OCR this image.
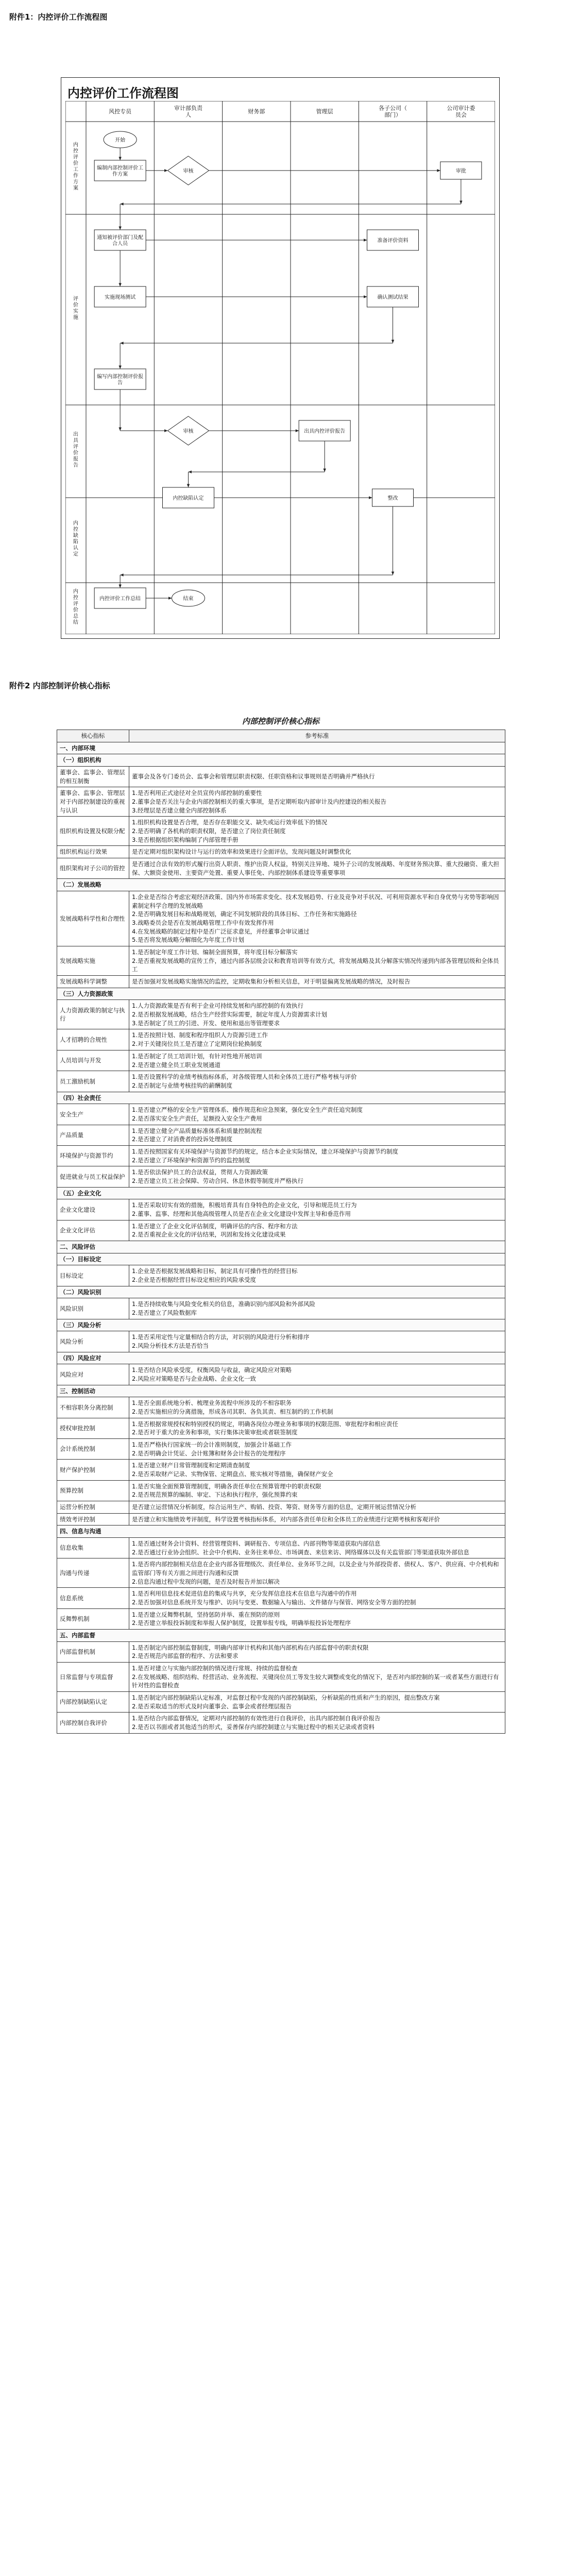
附件1：内控评价工作流程图
内控评价工作流程图
风控专员	审计部负责人	财务部	管理层	各子公司（部门）
公司审计委员会
内控评价工作方案
评价实施
出具评价报告
内控缺陷认定
内控评价总结
开始
编制内部控制评价工作方案
审核	审批
通知被评价部门及配合人员
准备评价资料
实施现场测试	确认测试结果
编写内部控制评价报告
审核	出具内控评价报告
内控缺陷认定	整改
内控评价工作总结	结束
附件2 内部控制评价核心指标
内部控制评价核心指标
核心指标	参考标准
一、内部环境	
（一）组织机构	
董事会、监事会、管理层的相互制衡	董事会及各专门委员会、监事会和管理层职责权限、任职资格和议事规则是否明确并严格执行

董事会、监事会、管理层对于内部控制建设的重视与认识	1.是否利用正式途径对全员宣传内部控制的重要性
2.董事会是否关注与企业内部控制相关的重大事项，是否定期听取内部审计及内控建设的相关报告
3.经理层是否建立健全内部控制体系

组织机构设置及权限分配	1.组织机构设置是否合理，是否存在职能交叉、缺失或运行效率低下的情况
2.是否明确了各机构的职责权限，是否建立了岗位责任制度
3.是否根据组织架构编制了内部管理手册

组织机构运行效果	是否定期对组织架构设计与运行的效率和效果进行全面评估，发现问题及时调整优化

组织架构对子公司的管控	是否通过合法有效的形式履行出资人职责、维护出资人权益，特别关注异地、境外子公司的发展战略、年度财务预决算、重大投融资、重大担保、大额资金使用、主要资产处置、重要人事任免、内部控制体系建设等重要事项

（二）发展战略	
发展战略科学性和合理性	1.企业是否综合考虑宏观经济政策、国内外市场需求变化、技术发展趋势、行业及竞争对手状况、可利用资源水平和自身优势与劣势等影响因素制定科学合理的发展战略
2.是否明确发展目标和战略规划，确定不同发展阶段的具体目标、工作任务和实施路径
3.战略委员会是否在发展战略管理工作中有效发挥作用
4.在发展战略的制定过程中是否广泛征求意见，并经董事会审议通过
5.是否将发展战略分解细化为年度工作计划

发展战略实施	1.是否制定年度工作计划、编制全面预算，将年度目标分解落实
2.是否重视发展战略的宣传工作，通过内部各层级会议和教育培训等有效方式，将发展战略及其分解落实情况传递到内部各管理层级和全体员工

发展战略科学调整	是否加强对发展战略实施情况的监控，定期收集和分析相关信息，对于明显偏离发展战略的情况，及时报告

（三）人力资源政策	
人力资源政策的制定与执行	1.人力资源政策是否有利于企业可持续发展和内部控制的有效执行
2.是否根据发展战略，结合生产经营实际需要，制定年度人力资源需求计划
3.是否制定了员工的引进、开发、使用和退出等管理要求

人才招聘的合规性	1.是否按照计划、制度和程序组织人力资源引进工作
2.对于关键岗位员工是否建立了定期岗位轮换制度

人员培训与开发	1.是否制定了员工培训计划，有针对性地开展培训
2.是否建立健全员工职业发展通道

员工激励机制	1.是否设置科学的业绩考核指标体系，对各级管理人员和全体员工进行严格考核与评价
2.是否制定与业绩考核挂钩的薪酬制度

（四）社会责任	
安全生产	1.是否建立严格的安全生产管理体系、操作规范和应急预案，强化安全生产责任追究制度
2.是否落实安全生产责任，足额投入安全生产费用

产品质量	1.是否建立健全产品质量标准体系和质量控制流程
2.是否建立了对消费者的投诉处理制度

环境保护与资源节约	1.是否按照国家有关环境保护与资源节约的规定，结合本企业实际情况，建立环境保护与资源节约制度
2.是否建立了环境保护和资源节约的监控制度

促进就业与员工权益保护	1.是否依法保护员工的合法权益，贯彻人力资源政策
2.是否建立员工社会保障、劳动合同、休息休假等制度并严格执行

（五）企业文化	
企业文化建设	1.是否采取切实有效的措施，积极培育具有自身特色的企业文化，引导和规范员工行为
2.董事、监事、经理和其他高级管理人员是否在企业文化建设中发挥主导和垂范作用

企业文化评估	1.是否建立了企业文化评估制度，明确评估的内容、程序和方法
2.是否重视企业文化的评估结果，巩固和发扬文化建设成果

二、风险评估	
（一）目标设定	
目标设定	1.企业是否根据发展战略和目标，制定具有可操作性的经营目标
2.企业是否根据经营目标设定相应的风险承受度

（二）风险识别	
风险识别	1.是否持续收集与风险变化相关的信息，准确识别内部风险和外部风险
2.是否建立了风险数据库

（三）风险分析	
风险分析	1.是否采用定性与定量相结合的方法，对识别的风险进行分析和排序
2.风险分析技术方法是否恰当

（四）风险应对	
风险应对	1.是否结合风险承受度，权衡风险与收益，确定风险应对策略
2.风险应对策略是否与企业战略、企业文化一致

三、控制活动	
不相容职务分离控制	1.是否全面系统地分析、梳理业务流程中所涉及的不相容职务
2.是否实施相应的分离措施，形成各司其职、各负其责、相互制约的工作机制

授权审批控制	1.是否根据常规授权和特别授权的规定，明确各岗位办理业务和事项的权限范围、审批程序和相应责任
2.是否对于重大的业务和事项，实行集体决策审批或者联签制度

会计系统控制	1.是否严格执行国家统一的会计准则制度，加强会计基础工作
2.是否明确会计凭证、会计账簿和财务会计报告的处理程序

财产保护控制	1.是否建立财产日常管理制度和定期清查制度
2.是否采取财产记录、实物保管、定期盘点、账实核对等措施，确保财产安全

预算控制	1.是否实施全面预算管理制度，明确各责任单位在预算管理中的职责权限
2.是否规范预算的编制、审定、下达和执行程序，强化预算约束

运营分析控制	是否建立运营情况分析制度，综合运用生产、购销、投资、筹资、财务等方面的信息，定期开展运营情况分析

绩效考评控制	是否建立和实施绩效考评制度，科学设置考核指标体系，对内部各责任单位和全体员工的业绩进行定期考核和客观评价

四、信息与沟通	
信息收集	1.是否通过财务会计资料、经营管理资料、调研报告、专项信息、内部刊物等渠道获取内部信息
2.是否通过行业协会组织、社会中介机构、业务往来单位、市场调查、来信来访、网络媒体以及有关监管部门等渠道获取外部信息

沟通与传递	1.是否将内部控制相关信息在企业内部各管理级次、责任单位、业务环节之间，以及企业与外部投资者、债权人、客户、供应商、中介机构和监管部门等有关方面之间进行沟通和反馈
2.信息沟通过程中发现的问题，是否及时报告并加以解决

信息系统	1.是否利用信息技术促进信息的集成与共享，充分发挥信息技术在信息与沟通中的作用
2.是否加强对信息系统开发与维护、访问与变更、数据输入与输出、文件储存与保管、网络安全等方面的控制

反舞弊机制	1.是否建立反舞弊机制，坚持惩防并举、重在预防的原则
2.是否建立举报投诉制度和举报人保护制度，设置举报专线，明确举报投诉处理程序

五、内部监督	
内部监督机制	1.是否制定内部控制监督制度，明确内部审计机构和其他内部机构在内部监督中的职责权限
2.是否规范内部监督的程序、方法和要求

日常监督与专项监督	1.是否对建立与实施内部控制的情况进行常规、持续的监督检查
2.在发展战略、组织结构、经营活动、业务流程、关键岗位员工等发生较大调整或变化的情况下，是否对内部控制的某一或者某些方面进行有针对性的监督检查

内部控制缺陷认定	1.是否制定内部控制缺陷认定标准，对监督过程中发现的内部控制缺陷，分析缺陷的性质和产生的原因，提出整改方案
2.是否采取适当的形式及时向董事会、监事会或者经理层报告

内部控制自我评价	1.是否结合内部监督情况，定期对内部控制的有效性进行自我评价，出具内部控制自我评价报告
2.是否以书面或者其他适当的形式，妥善保存内部控制建立与实施过程中的相关记录或者资料
